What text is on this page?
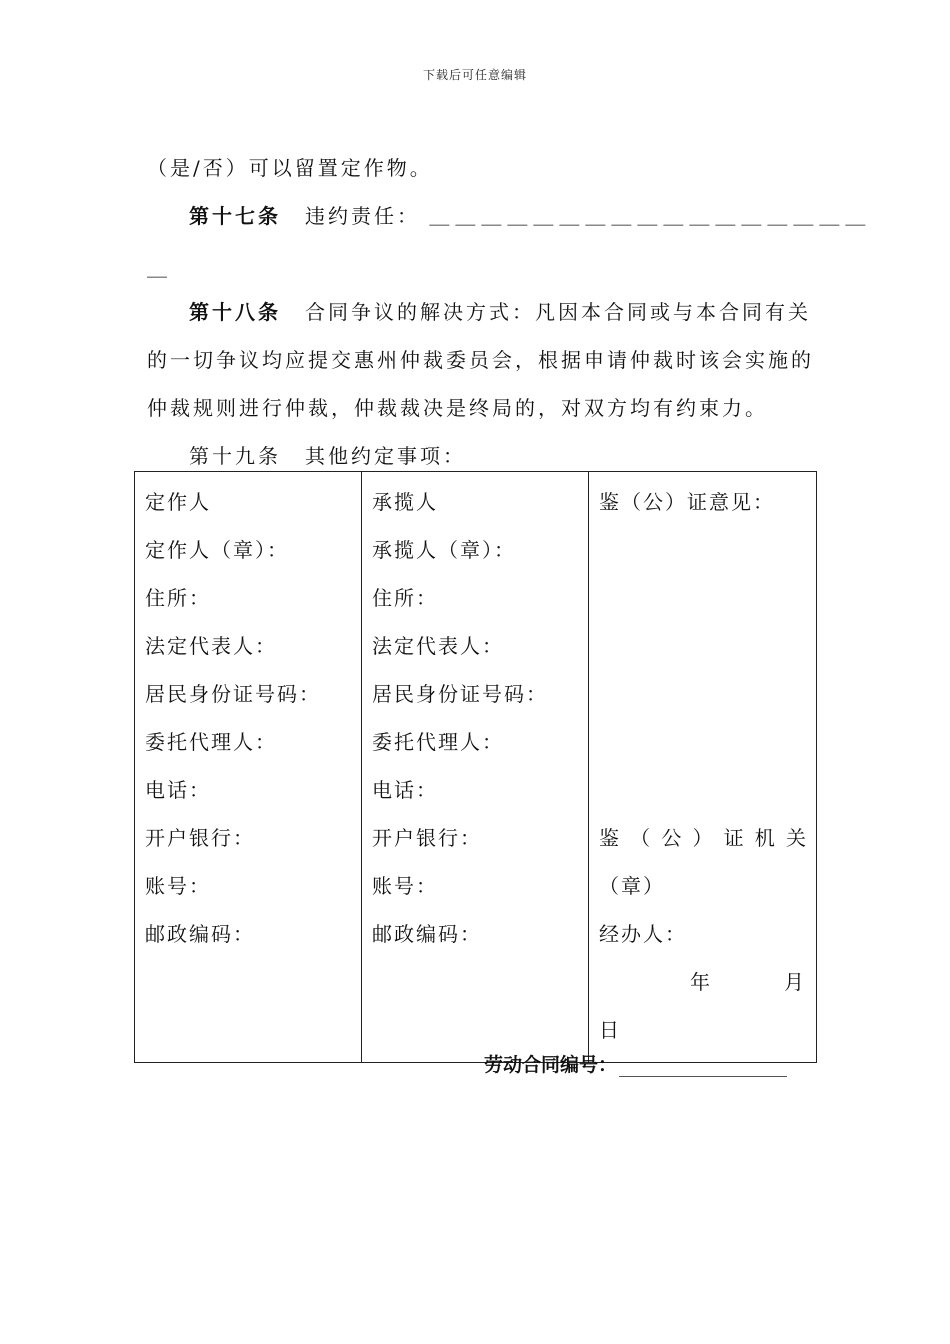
下载后可任意编辑
（是/否）可以留置定作物。
第十七条 违约责任： ＿＿＿＿＿＿＿＿＿＿＿＿＿＿＿＿＿
＿
第十八条 合同争议的解决方式：凡因本合同或与本合同有关
的一切争议均应提交惠州仲裁委员会，根据申请仲裁时该会实施的
仲裁规则进行仲裁，仲裁裁决是终局的，对双方均有约束力。
第十九条 其他约定事项：
定作人
定作人（章）：
住所：
法定代表人：
居民身份证号码：
委托代理人：
电话：
开户银行：
账号：
邮政编码：

承揽人
承揽人（章）：
住所：
法定代表人：
居民身份证号码：
委托代理人：
电话：
开户银行：
账号：
邮政编码：

鉴（公）证意见：
鉴 （ 公 ） 证 机 关
（章）
经办人：
年	月
日
劳动合同编号：
